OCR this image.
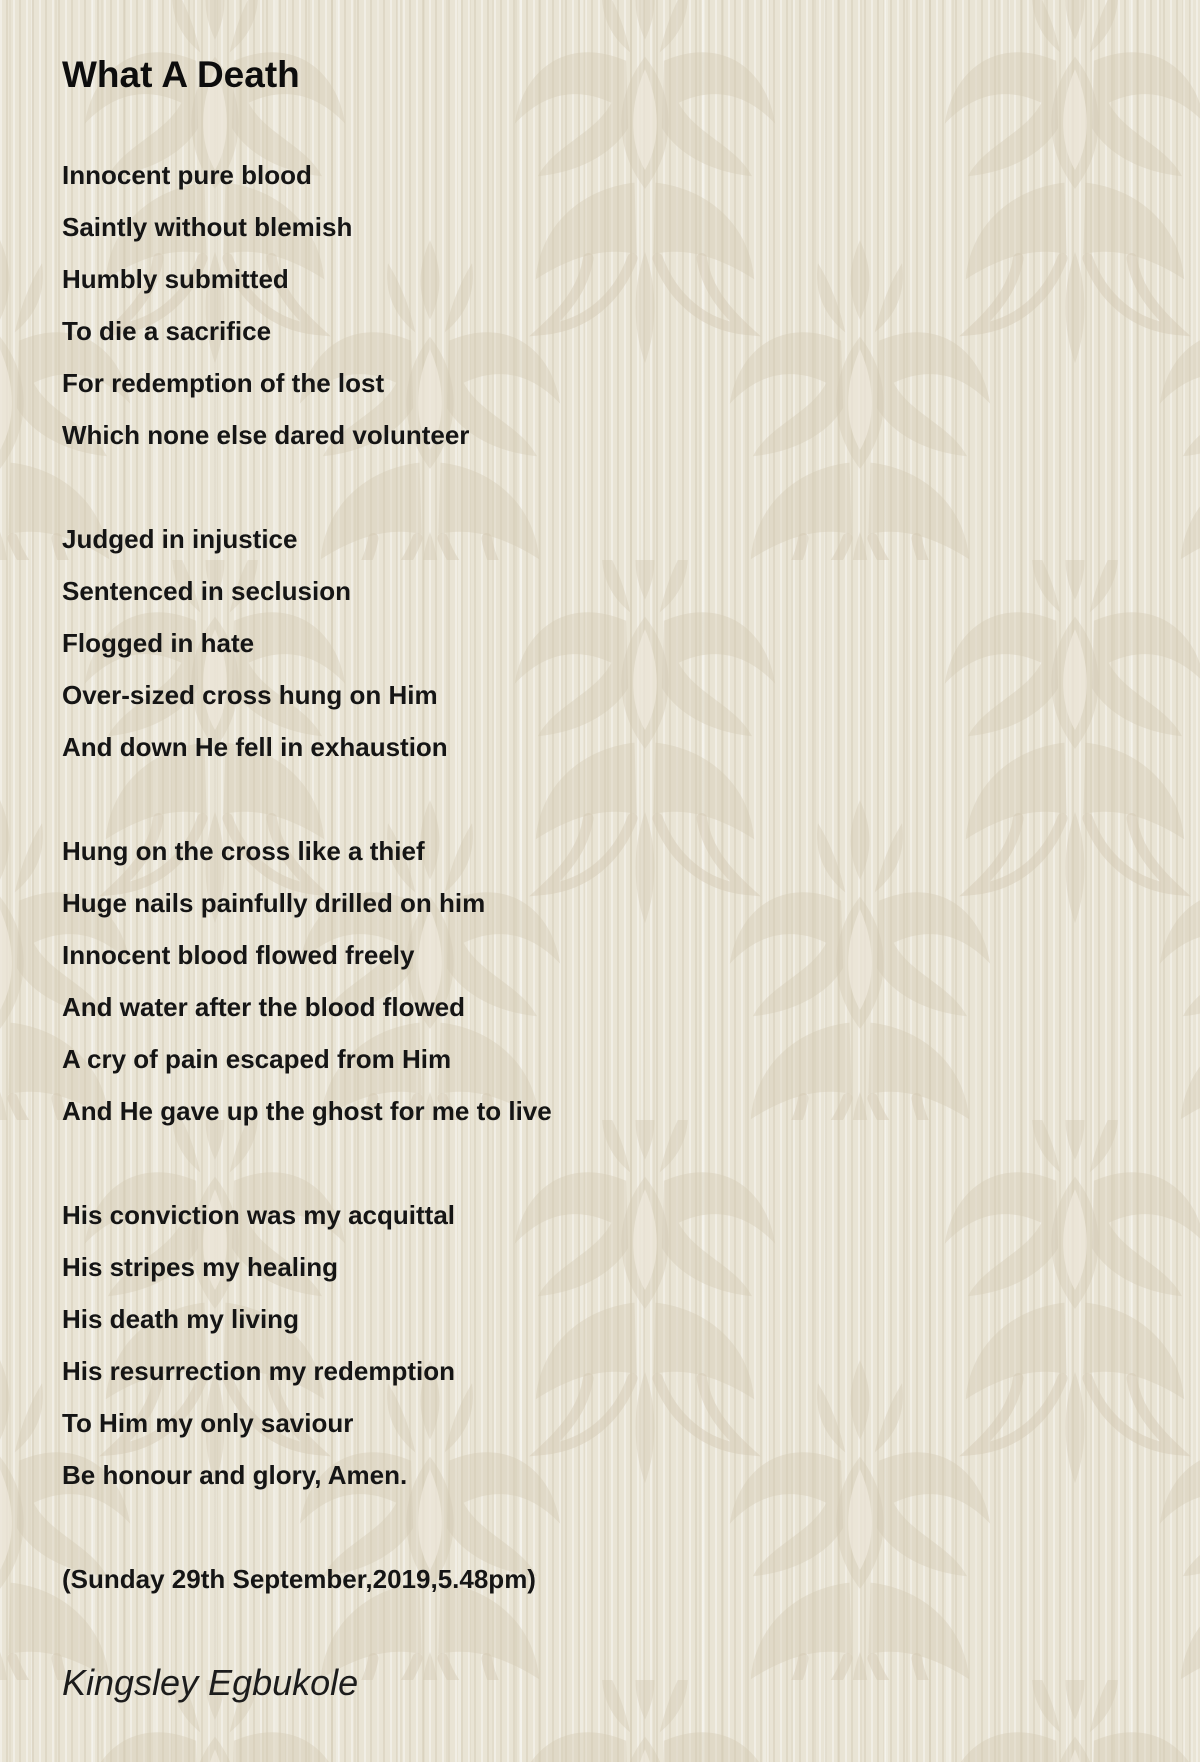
What A Death
Innocent pure blood
Saintly without blemish
Humbly submitted
To die a sacrifice
For redemption of the lost
Which none else dared volunteer
Judged in injustice
Sentenced in seclusion
Flogged in hate
Over-sized cross hung on Him
And down He fell in exhaustion
Hung on the cross like a thief
Huge nails painfully drilled on him
Innocent blood flowed freely
And water after the blood flowed
A cry of pain escaped from Him
And He gave up the ghost for me to live
His conviction was my acquittal
His stripes my healing
His death my living
His resurrection my redemption
To Him my only saviour
Be honour and glory, Amen.
(Sunday 29th September,2019,5.48pm)
Kingsley Egbukole
